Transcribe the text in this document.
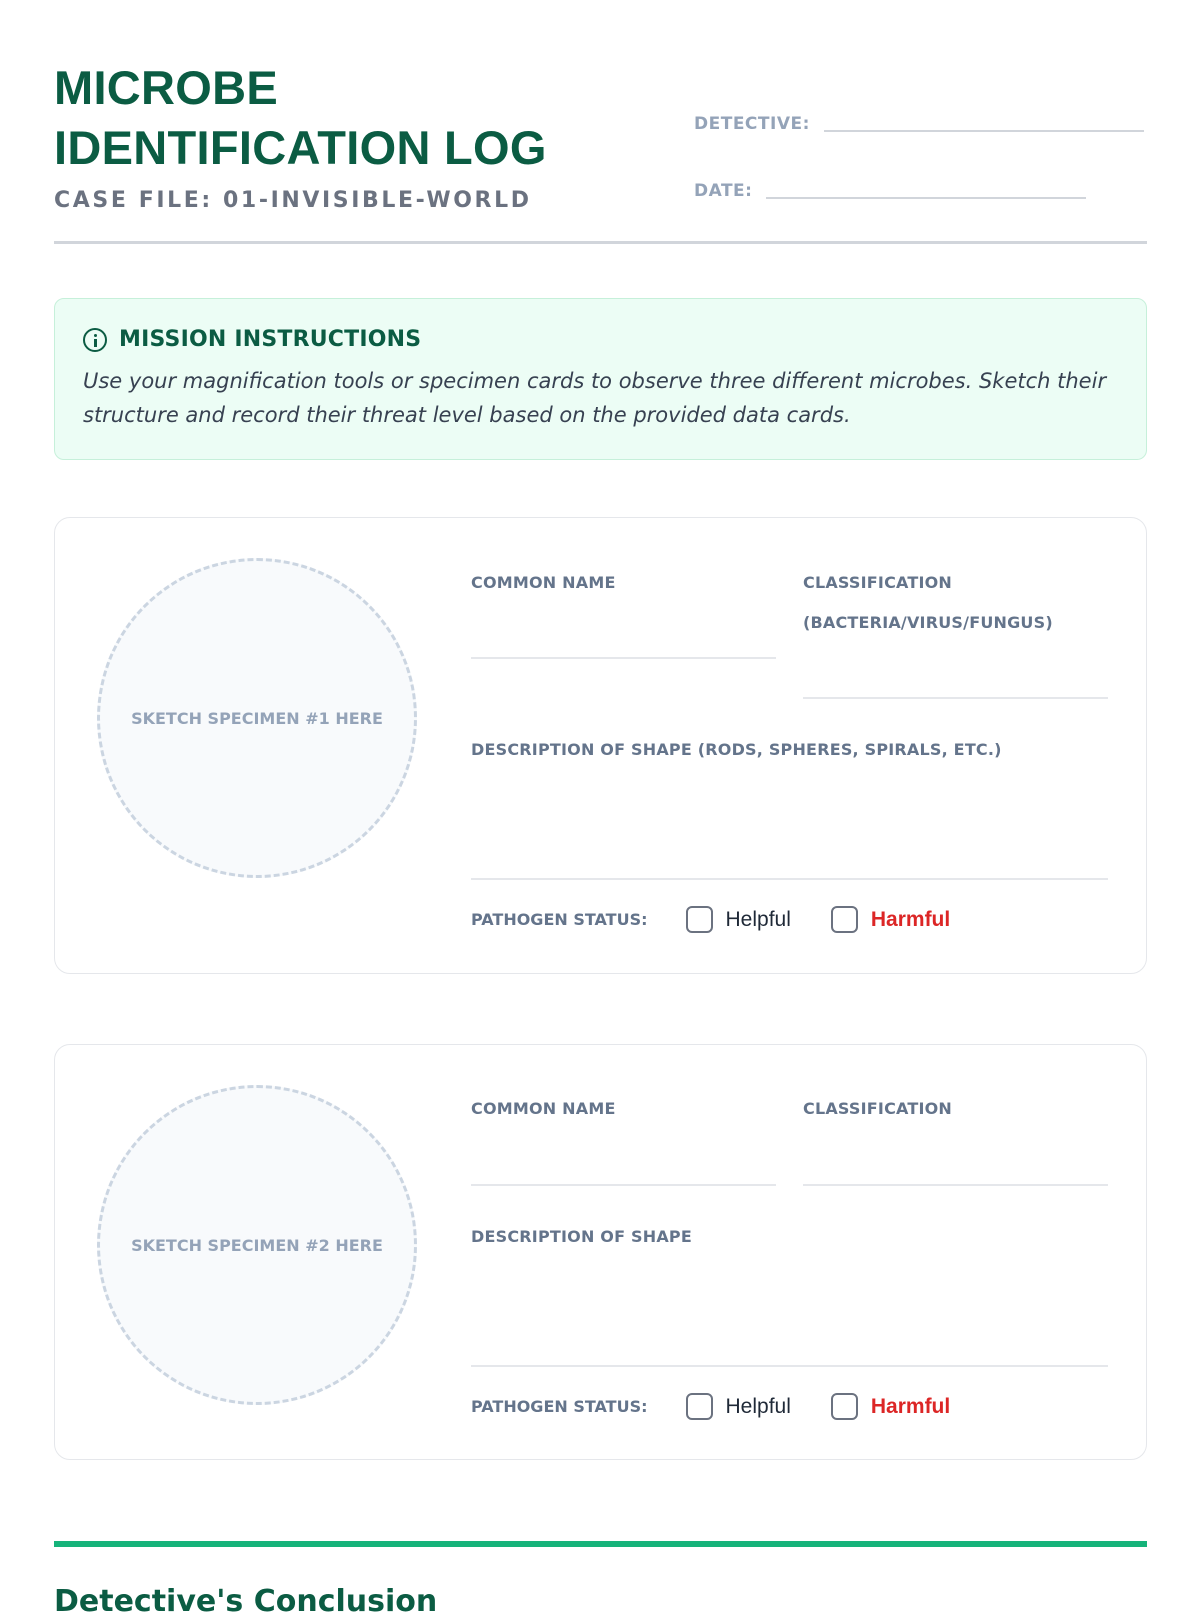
MICROBE
IDENTIFICATION LOG
CASE FILE: 01-INVISIBLE-WORLD
DETECTIVE:
DATE:
MISSION INSTRUCTIONS
Use your magnification tools or specimen cards to observe three different microbes. Sketch their structure and record their threat level based on the provided data cards.
SKETCH SPECIMEN #1 HERE
COMMON NAME	CLASSIFICATION
(BACTERIA/VIRUS/FUNGUS)
DESCRIPTION OF SHAPE (RODS, SPHERES, SPIRALS, ETC.)
PATHOGEN STATUS:	Helpful	Harmful
SKETCH SPECIMEN #2 HERE
COMMON NAME	CLASSIFICATION
DESCRIPTION OF SHAPE
PATHOGEN STATUS:	Helpful	Harmful
Detective's Conclusion
